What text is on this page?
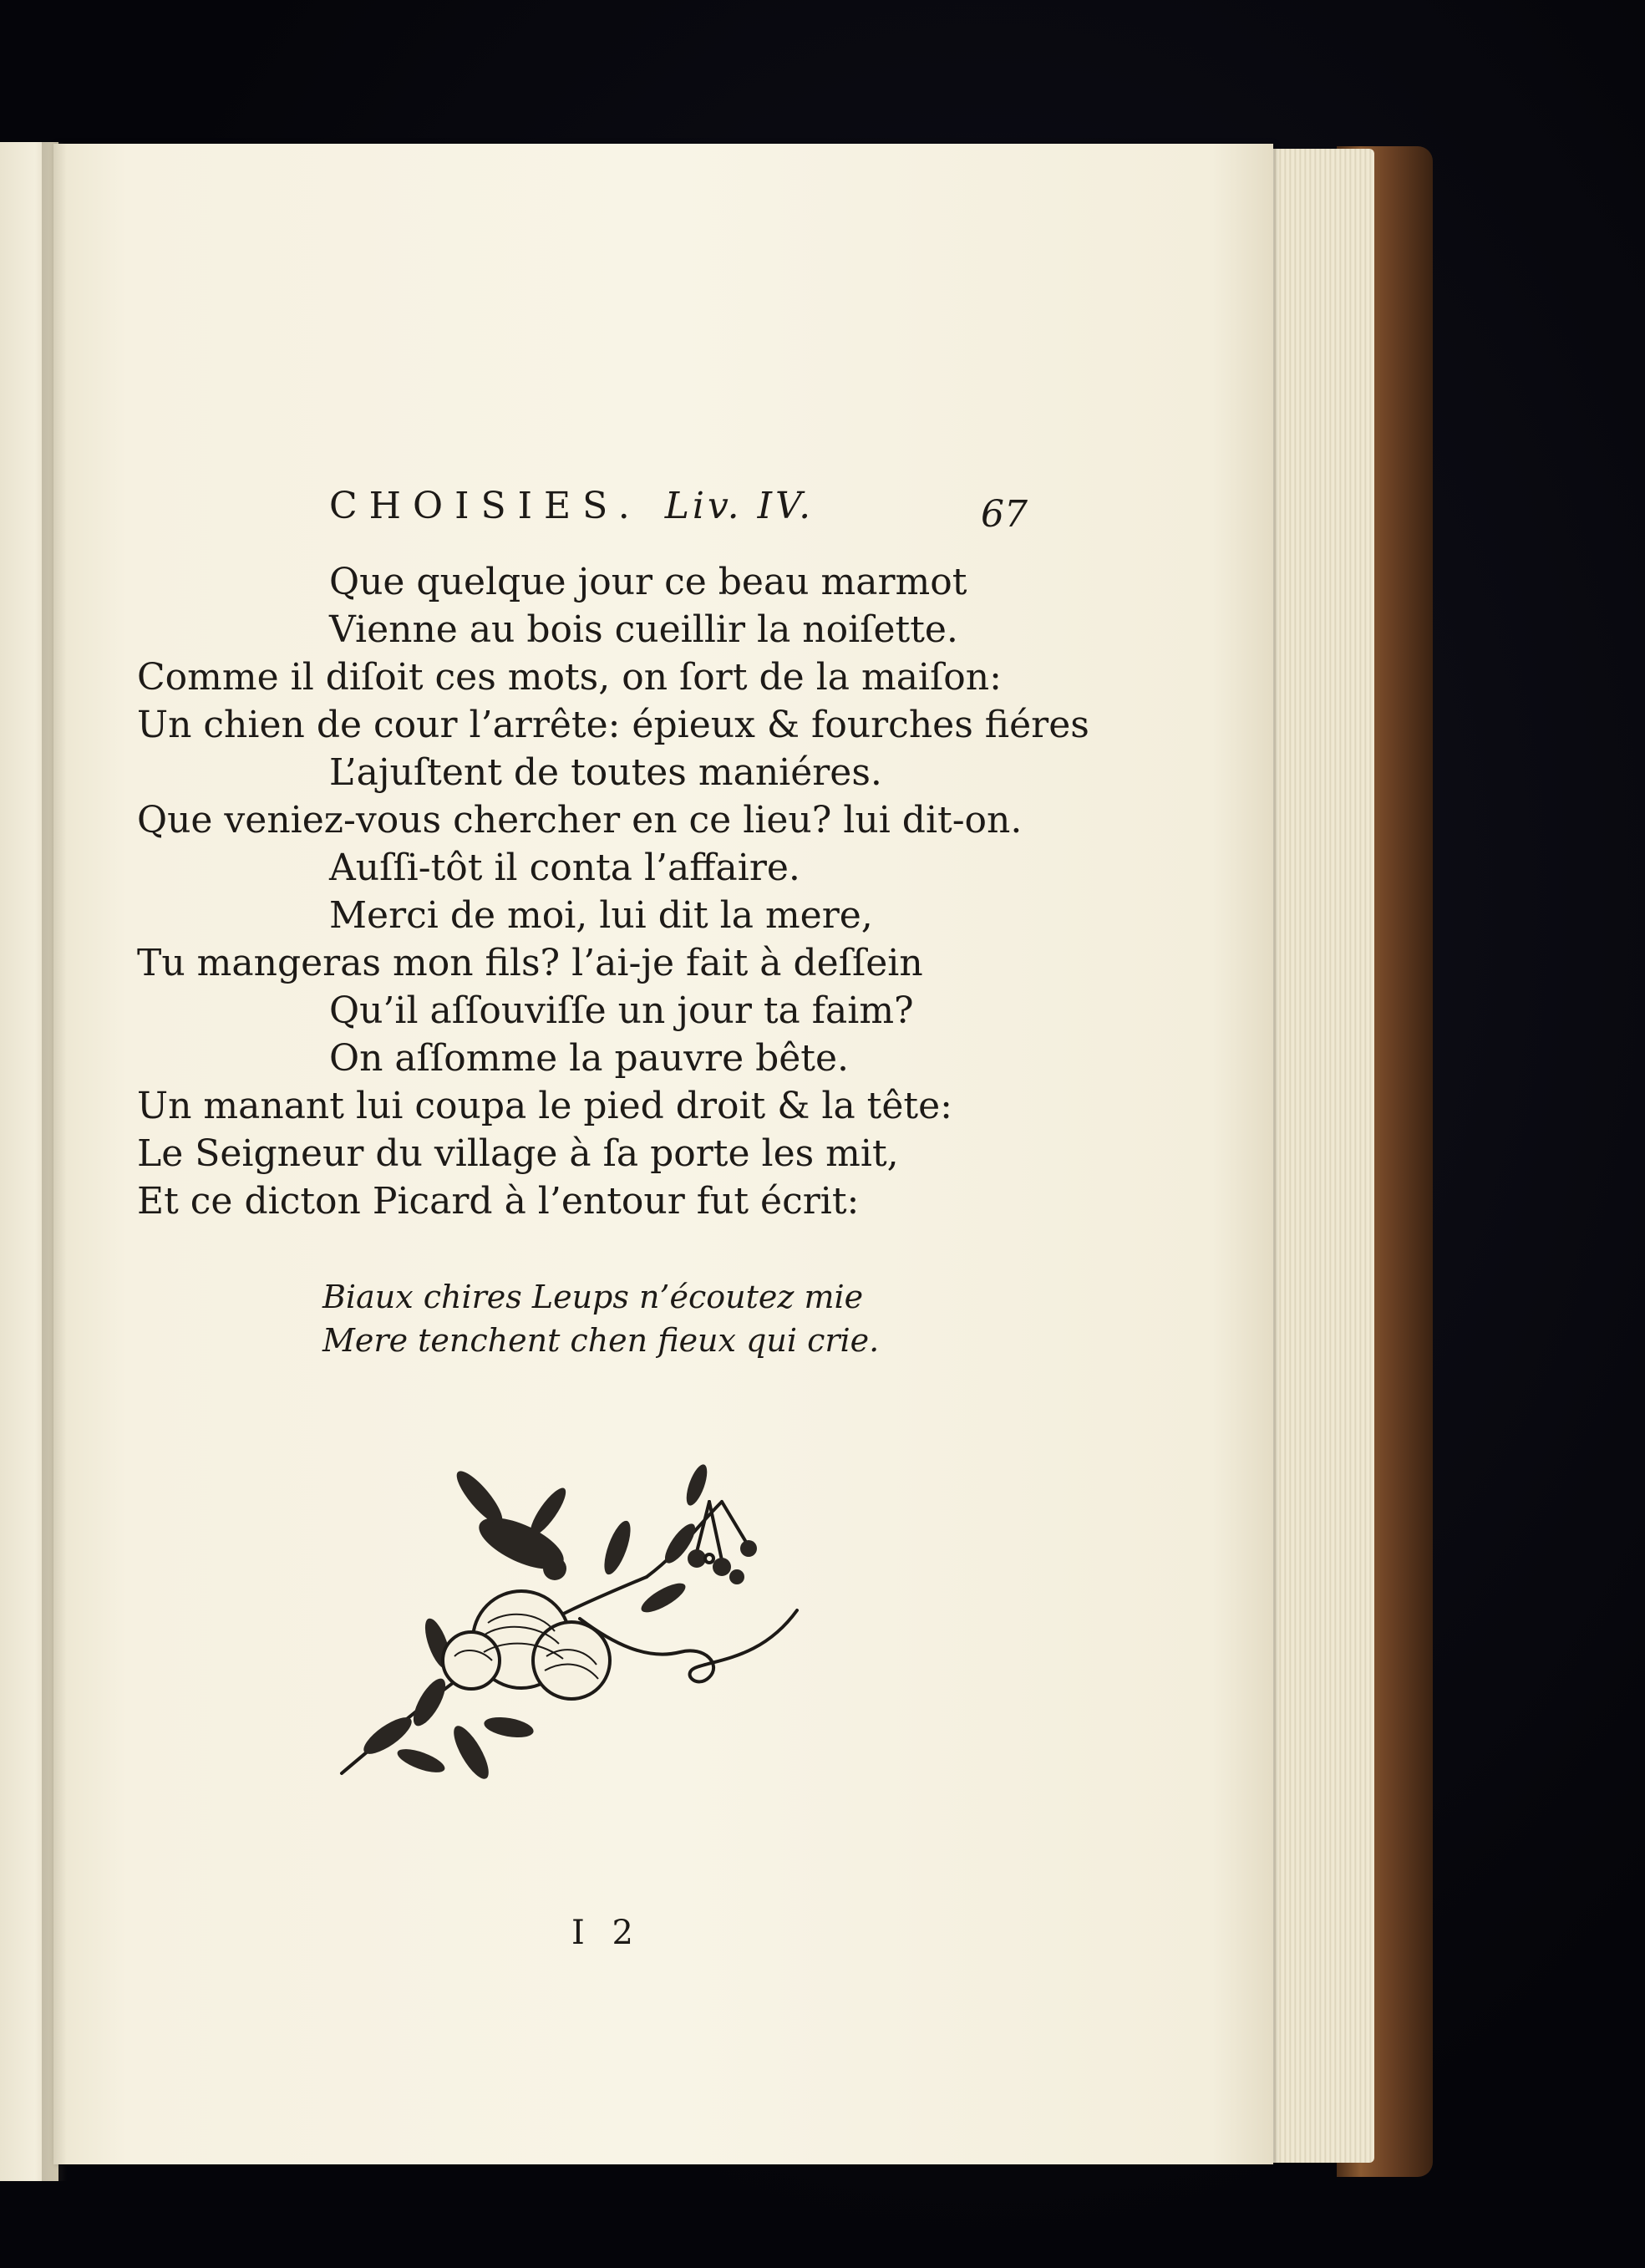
CHOISIES. Liv. IV.	67
Que quelque jour ce beau marmot
Vienne au bois cueillir la noiſette.
Comme il diſoit ces mots, on ſort de la maiſon:
Un chien de cour l’arrête: épieux & fourches fiéres
L’ajuſtent de toutes maniéres.
Que veniez-vous chercher en ce lieu? lui dit-on.
Auſſi-tôt il conta l’affaire.
Merci de moi, lui dit la mere,
Tu mangeras mon fils? l’ai-je fait à deſſein
Qu’il aſſouviſſe un jour ta faim?
On aſſomme la pauvre bête.
Un manant lui coupa le pied droit & la tête:
Le Seigneur du village à ſa porte les mit,
Et ce dicton Picard à l’entour fut écrit:
Biaux chires Leups n’écoutez mie
Mere tenchent chen fieux qui crie.
I 2
